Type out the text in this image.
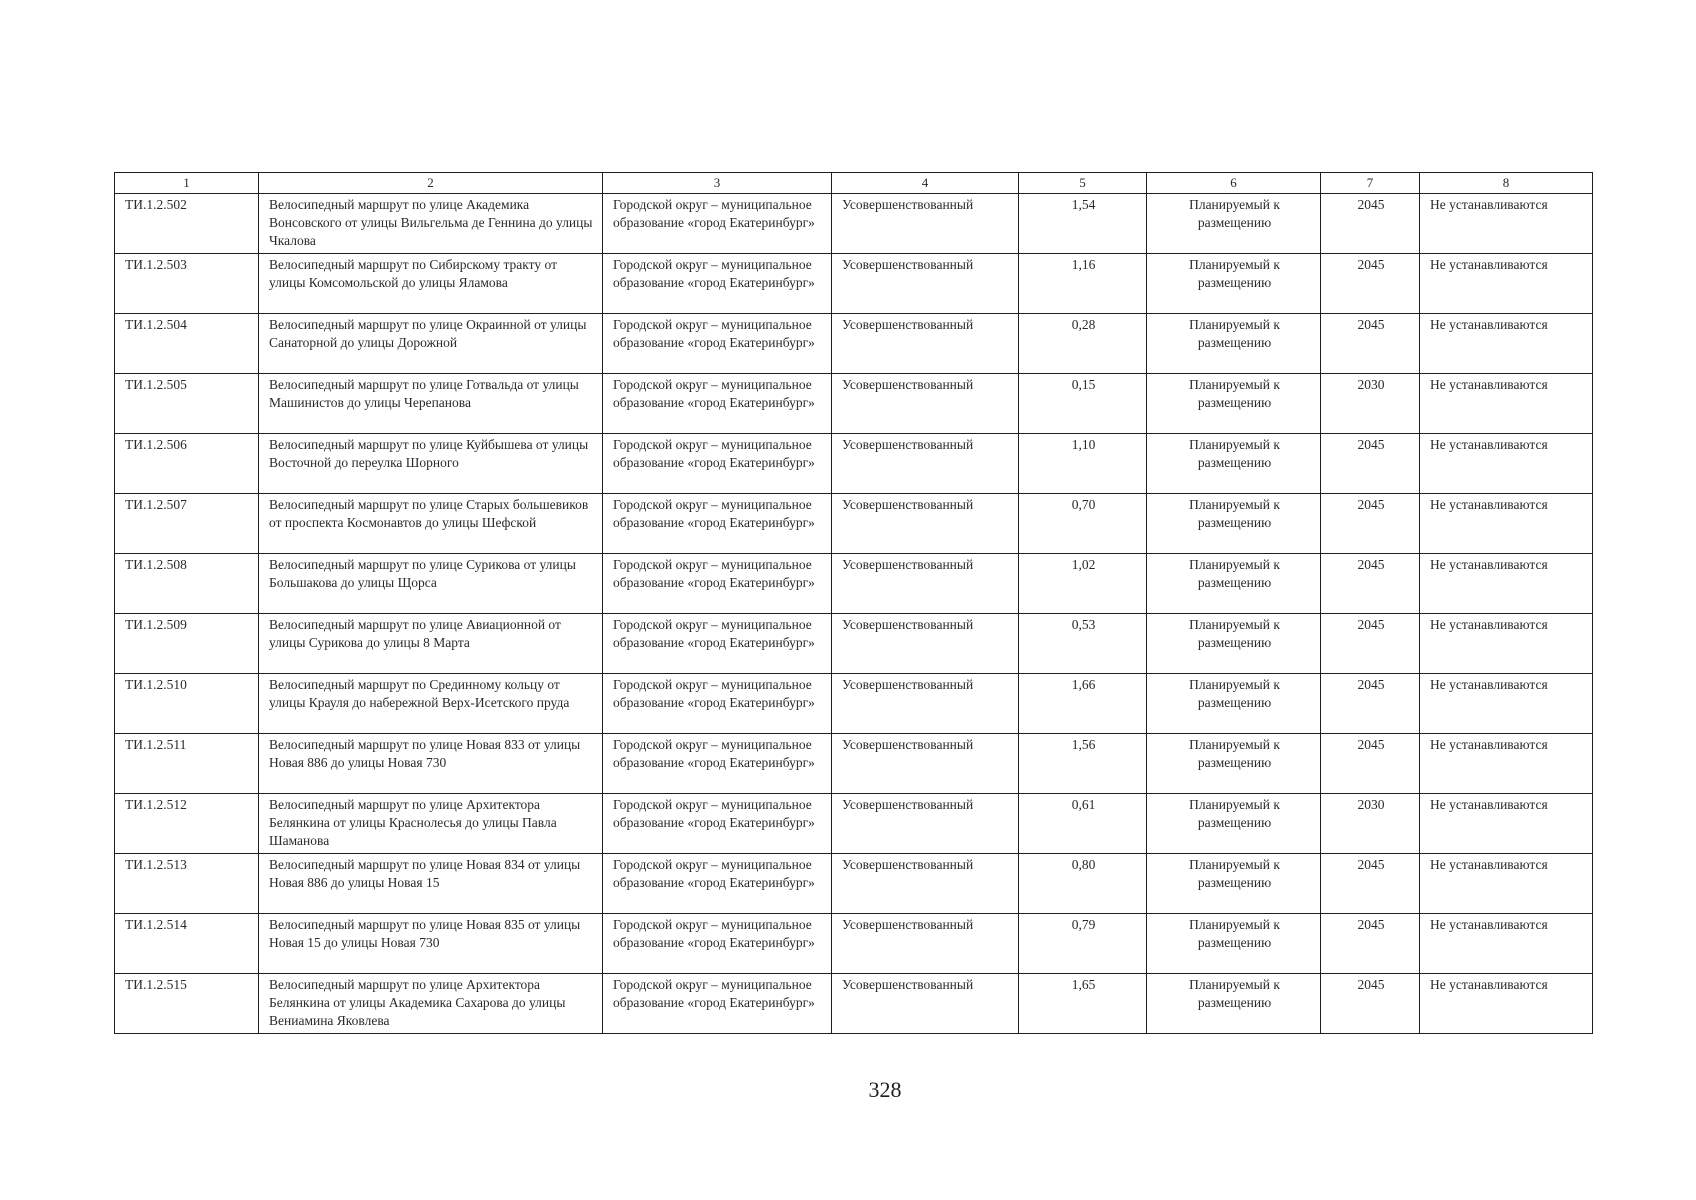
1	2	3	4	5	6	7	8
ТИ.1.2.502	Велосипедный маршрут по улице Академика Вонсовского от улицы Вильгельма де Геннина до улицы Чкалова	Городской округ – муниципальное образование «город Екатеринбург»	Усовершенствованный	1,54	Планируемый к размещению	2045	Не устанавливаются
ТИ.1.2.503	Велосипедный маршрут по Сибирскому тракту от улицы Комсомольской до улицы Яламова	Городской округ – муниципальное образование «город Екатеринбург»	Усовершенствованный	1,16	Планируемый к размещению	2045	Не устанавливаются
ТИ.1.2.504	Велосипедный маршрут по улице Окраинной от улицы Санаторной до улицы Дорожной	Городской округ – муниципальное образование «город Екатеринбург»	Усовершенствованный	0,28	Планируемый к размещению	2045	Не устанавливаются
ТИ.1.2.505	Велосипедный маршрут по улице Готвальда от улицы Машинистов до улицы Черепанова	Городской округ – муниципальное образование «город Екатеринбург»	Усовершенствованный	0,15	Планируемый к размещению	2030	Не устанавливаются
ТИ.1.2.506	Велосипедный маршрут по улице Куйбышева от улицы Восточной до переулка Шорного	Городской округ – муниципальное образование «город Екатеринбург»	Усовершенствованный	1,10	Планируемый к размещению	2045	Не устанавливаются
ТИ.1.2.507	Велосипедный маршрут по улице Старых большевиков от проспекта Космонавтов до улицы Шефской	Городской округ – муниципальное образование «город Екатеринбург»	Усовершенствованный	0,70	Планируемый к размещению	2045	Не устанавливаются
ТИ.1.2.508	Велосипедный маршрут по улице Сурикова от улицы Большакова до улицы Щорса	Городской округ – муниципальное образование «город Екатеринбург»	Усовершенствованный	1,02	Планируемый к размещению	2045	Не устанавливаются
ТИ.1.2.509	Велосипедный маршрут по улице Авиационной от улицы Сурикова до улицы 8 Марта	Городской округ – муниципальное образование «город Екатеринбург»	Усовершенствованный	0,53	Планируемый к размещению	2045	Не устанавливаются
ТИ.1.2.510	Велосипедный маршрут по Срединному кольцу от улицы Крауля до набережной Верх-Исетского пруда	Городской округ – муниципальное образование «город Екатеринбург»	Усовершенствованный	1,66	Планируемый к размещению	2045	Не устанавливаются
ТИ.1.2.511	Велосипедный маршрут по улице Новая 833 от улицы Новая 886 до улицы Новая 730	Городской округ – муниципальное образование «город Екатеринбург»	Усовершенствованный	1,56	Планируемый к размещению	2045	Не устанавливаются
ТИ.1.2.512	Велосипедный маршрут по улице Архитектора Белянкина от улицы Краснолесья до улицы Павла Шаманова	Городской округ – муниципальное образование «город Екатеринбург»	Усовершенствованный	0,61	Планируемый к размещению	2030	Не устанавливаются
ТИ.1.2.513	Велосипедный маршрут по улице Новая 834 от улицы Новая 886 до улицы Новая 15	Городской округ – муниципальное образование «город Екатеринбург»	Усовершенствованный	0,80	Планируемый к размещению	2045	Не устанавливаются
ТИ.1.2.514	Велосипедный маршрут по улице Новая 835 от улицы Новая 15 до улицы Новая 730	Городской округ – муниципальное образование «город Екатеринбург»	Усовершенствованный	0,79	Планируемый к размещению	2045	Не устанавливаются
ТИ.1.2.515	Велосипедный маршрут по улице Архитектора Белянкина от улицы Академика Сахарова до улицы Вениамина Яковлева	Городской округ – муниципальное образование «город Екатеринбург»	Усовершенствованный	1,65	Планируемый к размещению	2045	Не устанавливаются
328
